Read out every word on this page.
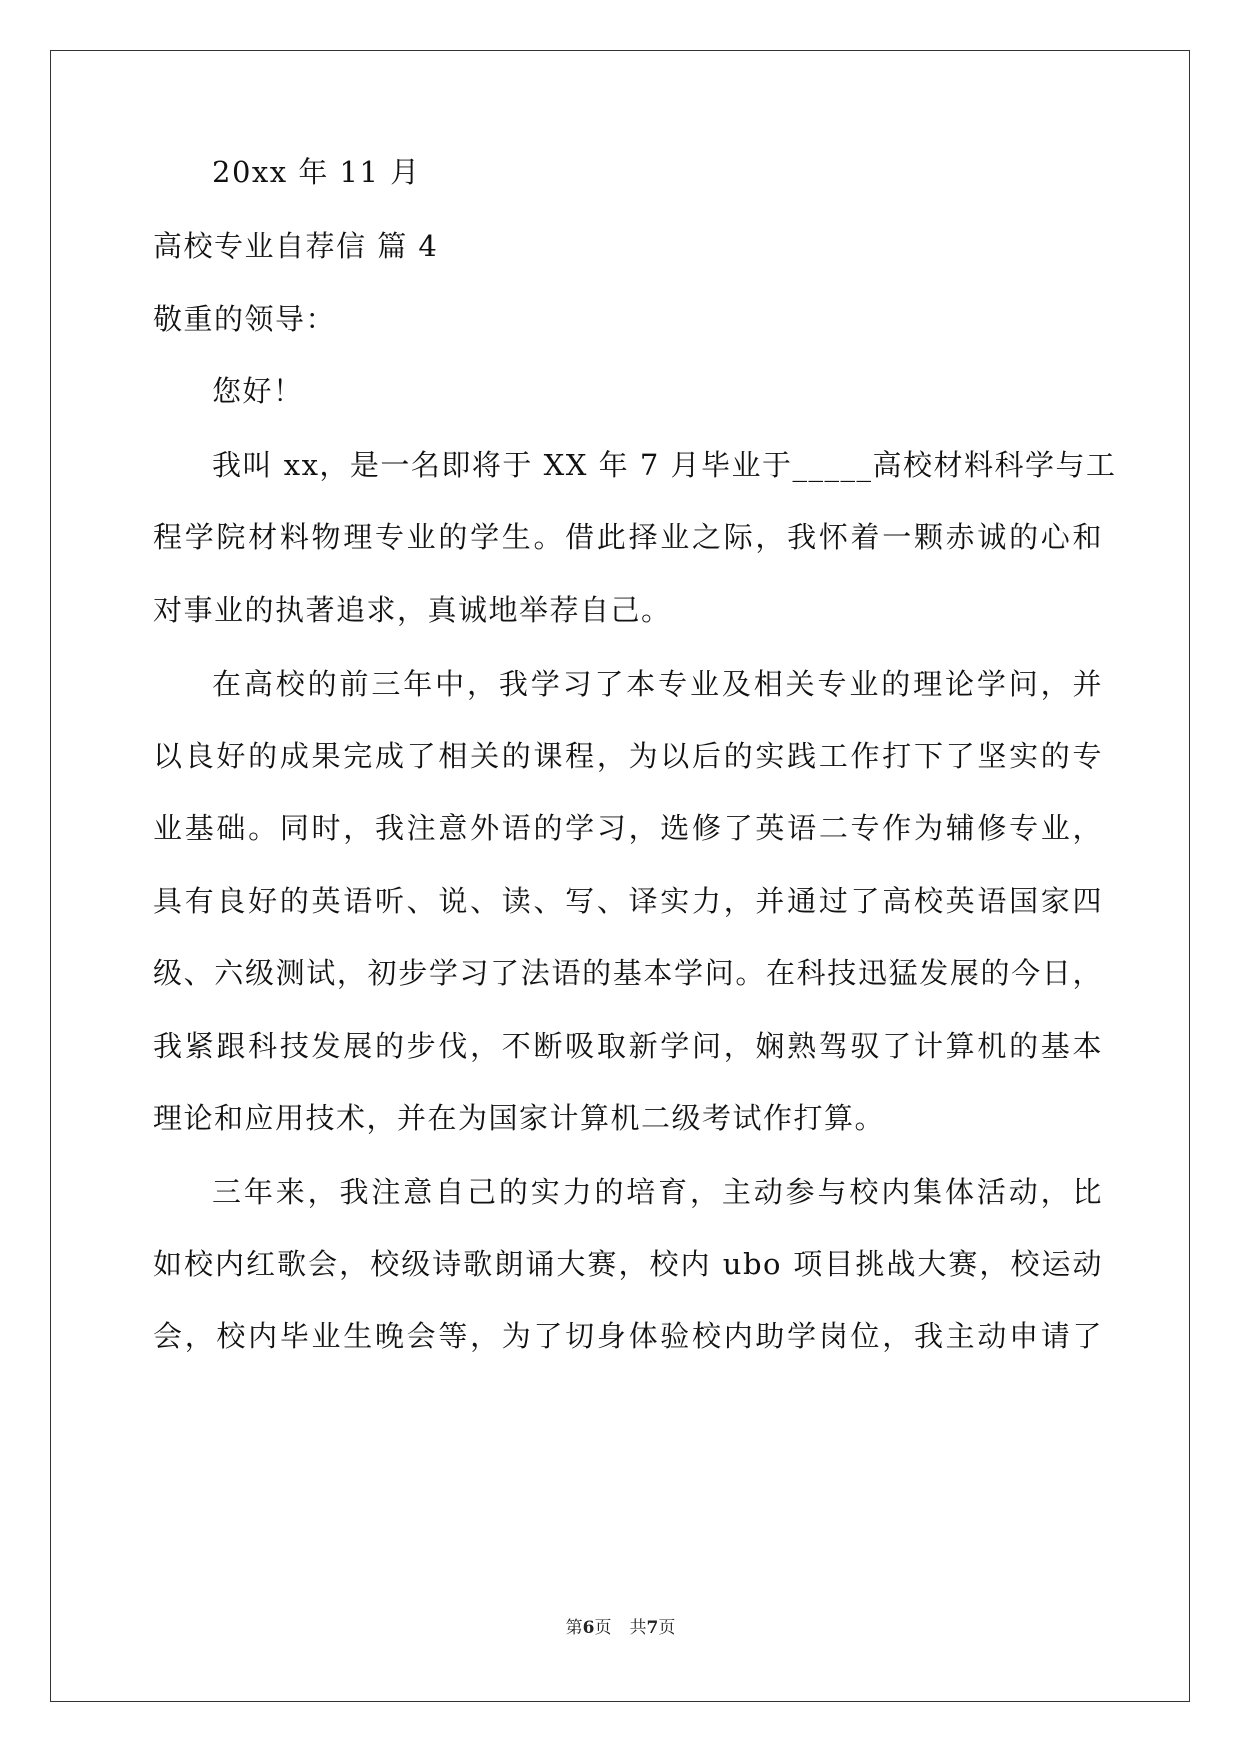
20xx 年 11 月
高校专业自荐信 篇 4
敬重的领导：
您好！
我叫 xx，是一名即将于 XX 年 7 月毕业于_____高校材料科学与工
程学院材料物理专业的学生。借此择业之际，我怀着一颗赤诚的心和
对事业的执著追求，真诚地举荐自己。
在高校的前三年中，我学习了本专业及相关专业的理论学问，并
以良好的成果完成了相关的课程，为以后的实践工作打下了坚实的专
业基础。同时，我注意外语的学习，选修了英语二专作为辅修专业，
具有良好的英语听、说、读、写、译实力，并通过了高校英语国家四
级、六级测试，初步学习了法语的基本学问。在科技迅猛发展的今日，
我紧跟科技发展的步伐，不断吸取新学问，娴熟驾驭了计算机的基本
理论和应用技术，并在为国家计算机二级考试作打算。
三年来，我注意自己的实力的培育，主动参与校内集体活动，比
如校内红歌会，校级诗歌朗诵大赛，校内 ubo 项目挑战大赛，校运动
会，校内毕业生晚会等，为了切身体验校内助学岗位，我主动申请了
第6页 共7页
